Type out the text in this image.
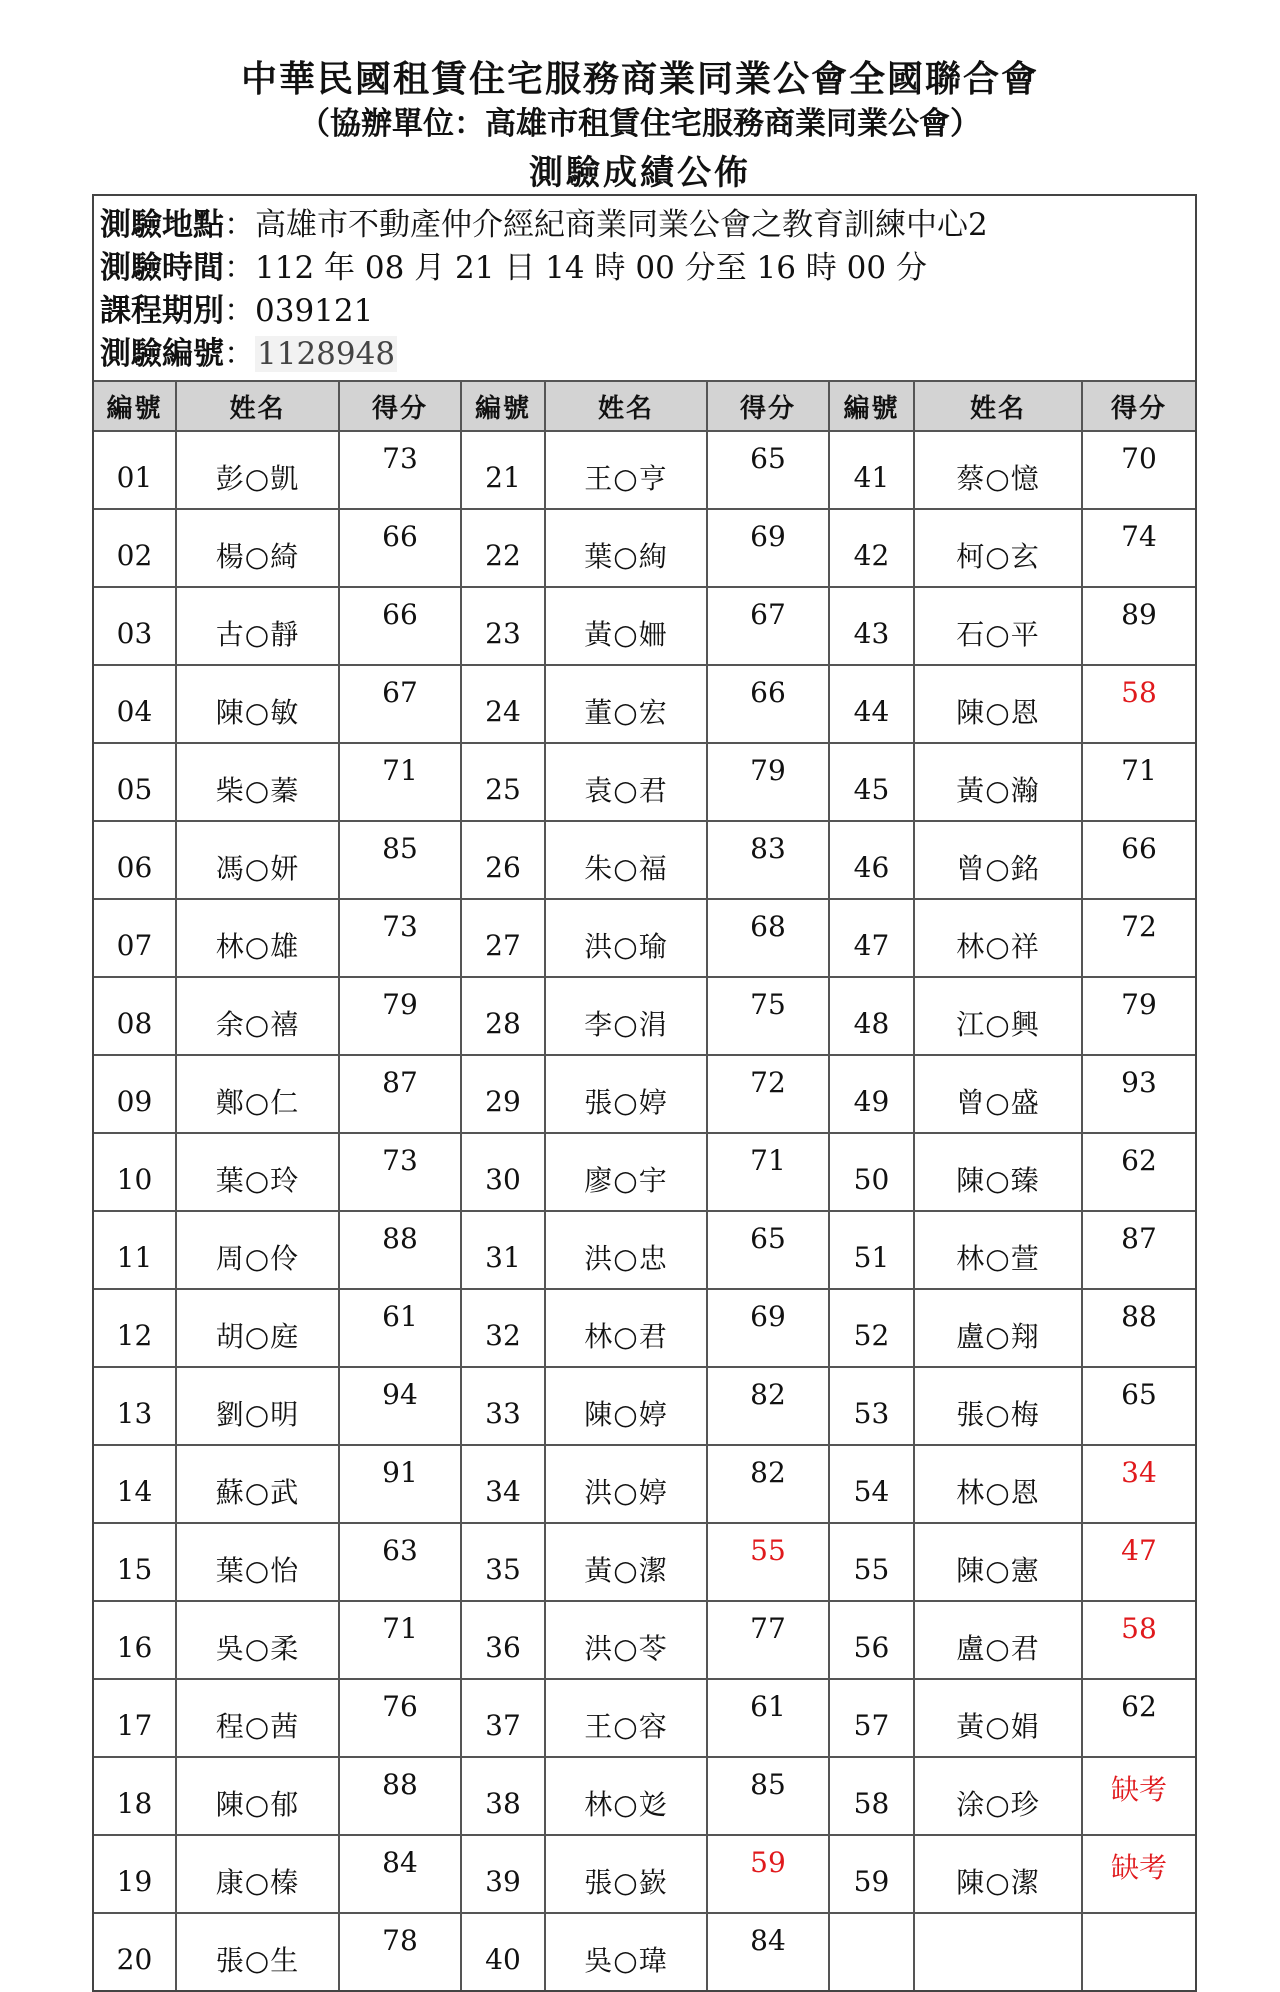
中華民國租賃住宅服務商業同業公會全國聯合會
（協辦單位：高雄市租賃住宅服務商業同業公會）
測驗成績公佈
測驗地點：高雄市不動產仲介經紀商業同業公會之教育訓練中心2
測驗時間：112 年 08 月 21 日 14 時 00 分至 16 時 00 分
課程期別：039121
測驗編號：1128948
編號	姓名	得分	編號	姓名	得分	編號	姓名	得分
01	彭○凱	73	21	王○亨	65	41	蔡○憶	70
02	楊○綺	66	22	葉○絢	69	42	柯○玄	74
03	古○靜	66	23	黃○姍	67	43	石○平	89
04	陳○敏	67	24	董○宏	66	44	陳○恩	58
05	柴○蓁	71	25	袁○君	79	45	黃○瀚	71
06	馮○妍	85	26	朱○福	83	46	曾○銘	66
07	林○雄	73	27	洪○瑜	68	47	林○祥	72
08	余○禧	79	28	李○涓	75	48	江○興	79
09	鄭○仁	87	29	張○婷	72	49	曾○盛	93
10	葉○玲	73	30	廖○宇	71	50	陳○臻	62
11	周○伶	88	31	洪○忠	65	51	林○萱	87
12	胡○庭	61	32	林○君	69	52	盧○翔	88
13	劉○明	94	33	陳○婷	82	53	張○梅	65
14	蘇○武	91	34	洪○婷	82	54	林○恩	34
15	葉○怡	63	35	黃○潔	55	55	陳○憲	47
16	吳○柔	71	36	洪○苓	77	56	盧○君	58
17	程○茜	76	37	王○容	61	57	黃○娟	62
18	陳○郁	88	38	林○彣	85	58	涂○珍	缺考
19	康○榛	84	39	張○嶔	59	59	陳○潔	缺考
20	張○生	78	40	吳○瑋	84			
